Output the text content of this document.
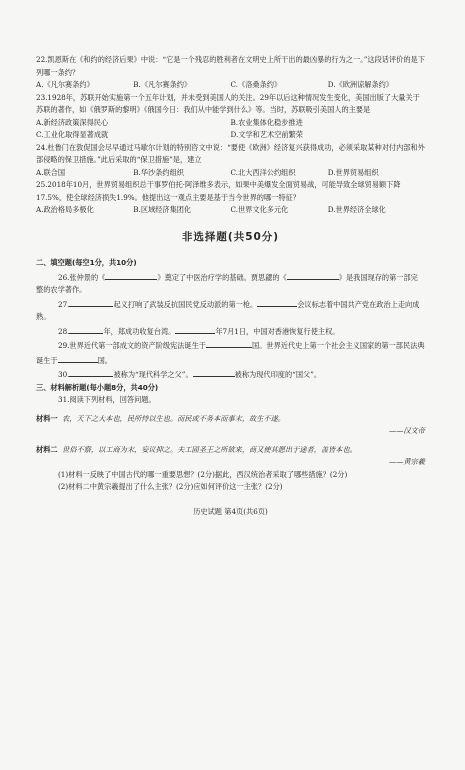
22.凯恩斯在《和约的经济后果》中说：“它是一个残忍的胜利者在文明史上所干出的最凶暴的行为之一。”这段话评价的是下列哪一条约？

A.《凡尔赛条约》	B.《凡尔赛条约》	C.《洛桑条约》	D.《欧洲谅解条约》

23.1928年，苏联开始实施第一个五年计划，并未受到美国人的关注。29年以后这种情况发生变化，美国出版了大量关于苏联的著作，如《俄罗斯的黎明》《俄国今日：我们从中能学到什么》等。当时，苏联吸引美国人的主要是

A.新经济政策深得民心	B.农业集体化稳步推进
C.工业化取得显著成就	D.文学和艺术空前繁荣

24.杜鲁门在敦促国会尽早通过马歇尔计划的特别咨文中说：“要使《欧洲》经济复兴获得成功，必须采取某种对付内部和外部侵略的保卫措施。”此后采取的“保卫措施”是，建立

A.联合国	B.华沙条约组织	C.北大西洋公约组织	D.世界贸易组织

25.2018年10月，世界贸易组织总干事罗伯托·阿泽维多表示，如果中美爆发全面贸易战，可能导致全球贸易额下降17.5%，使全球经济损失1.9%。他提出这一观点主要是基于当今世界的哪一特征？

A.政治格局多极化	B.区域经济集团化	C.世界文化多元化	D.世界经济全球化
非选择题(共50分)

二、填空题(每空1分，共10分)

26.张仲景的《	》奠定了中医治疗学的基础。贾思勰的《	》是我国现存的第一部完整的农学著作。

27.	起义打响了武装反抗国民党反动派的第一枪。	会议标志着中国共产党在政治上走向成熟。

28.	年，郑成功收复台湾。	年7月1日，中国对香港恢复行使主权。

29.世界近代第一部成文的资产阶级宪法诞生于	国。世界近代史上第一个社会主义国家的第一部民法典诞生于	国。

30.	被称为“现代科学之父”。	被称为现代印度的“国父”。

三、材料解析题(每小题8分，共40分)

31.阅读下列材料，回答问题。

材料一 农，天下之大本也，民所恃以生也。而民或不务本而事末，故生不遂。

——汉文帝

材料二 世俗不察，以工商为末，妄议抑之。夫工固圣王之所欲来，商又使其愿出于途者，盖皆本也。

——黄宗羲

(1)材料一反映了中国古代的哪一重要思想？(2分)据此，西汉统治者采取了哪些措施？(2分)

(2)材料二中黄宗羲提出了什么主张？(2分)应如何评价这一主张？(2分)

历史试题 第4页(共6页)
